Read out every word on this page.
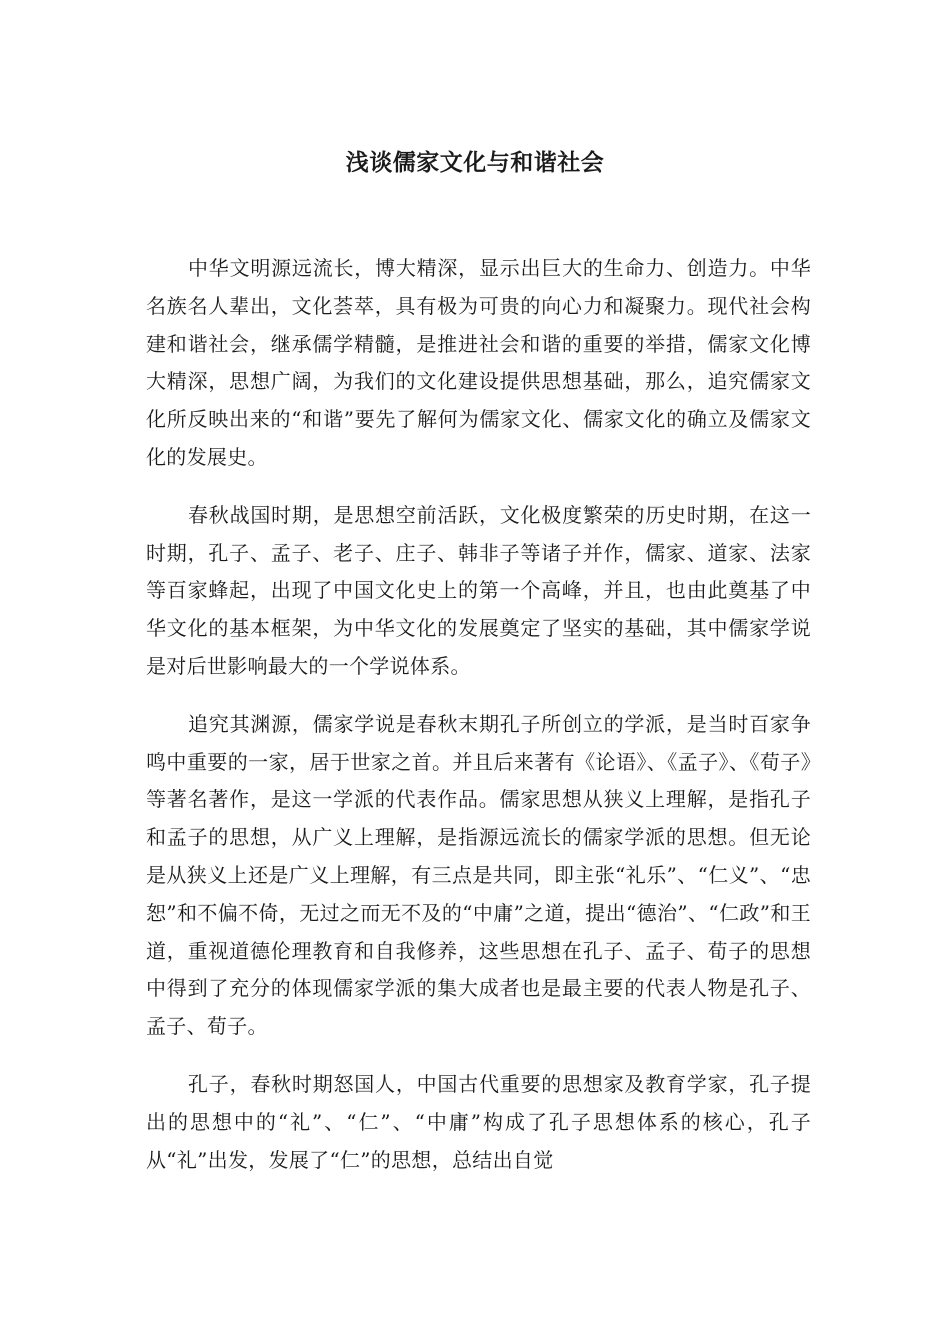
浅谈儒家文化与和谐社会

中华文明源远流长，博大精深，显示出巨大的生命力、创造力。中华名族名人辈出，文化荟萃，具有极为可贵的向心力和凝聚力。现代社会构建和谐社会，继承儒学精髓，是推进社会和谐的重要的举措，儒家文化博大精深，思想广阔，为我们的文化建设提供思想基础，那么，追究儒家文化所反映出来的“和谐”要先了解何为儒家文化、儒家文化的确立及儒家文化的发展史。

春秋战国时期，是思想空前活跃，文化极度繁荣的历史时期，在这一时期，孔子、孟子、老子、庄子、韩非子等诸子并作，儒家、道家、法家等百家蜂起，出现了中国文化史上的第一个高峰，并且，也由此奠基了中华文化的基本框架，为中华文化的发展奠定了坚实的基础，其中儒家学说是对后世影响最大的一个学说体系。

追究其渊源，儒家学说是春秋末期孔子所创立的学派，是当时百家争鸣中重要的一家，居于世家之首。并且后来著有《论语》、《孟子》、《荀子》等著名著作，是这一学派的代表作品。儒家思想从狭义上理解，是指孔子和孟子的思想，从广义上理解，是指源远流长的儒家学派的思想。但无论是从狭义上还是广义上理解，有三点是共同，即主张“礼乐”、“仁义”、“忠恕”和不偏不倚，无过之而无不及的“中庸”之道，提出“德治”、“仁政”和王道，重视道德伦理教育和自我修养，这些思想在孔子、孟子、荀子的思想中得到了充分的体现儒家学派的集大成者也是最主要的代表人物是孔子、孟子、荀子。

孔子，春秋时期怒国人，中国古代重要的思想家及教育学家，孔子提出的思想中的“礼”、“仁”、“中庸”构成了孔子思想体系的核心，孔子从“礼”出发，发展了“仁”的思想，总结出自觉
